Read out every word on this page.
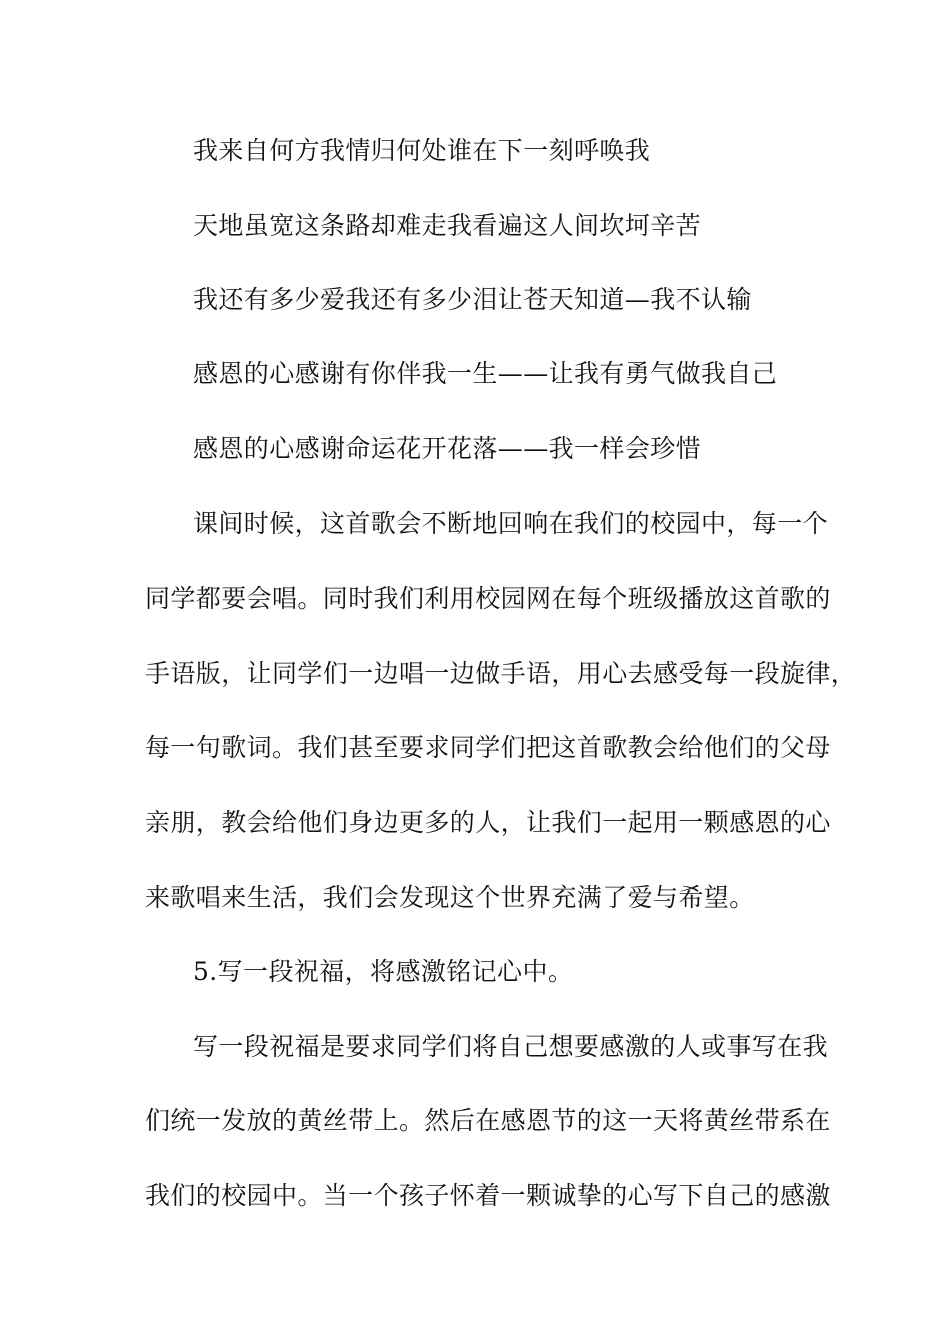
我来自何方我情归何处谁在下一刻呼唤我
天地虽宽这条路却难走我看遍这人间坎坷辛苦
我还有多少爱我还有多少泪让苍天知道—我不认输
感恩的心感谢有你伴我一生——让我有勇气做我自己
感恩的心感谢命运花开花落——我一样会珍惜
课间时候，这首歌会不断地回响在我们的校园中，每一个
同学都要会唱。同时我们利用校园网在每个班级播放这首歌的
手语版，让同学们一边唱一边做手语，用心去感受每一段旋律，
每一句歌词。我们甚至要求同学们把这首歌教会给他们的父母
亲朋，教会给他们身边更多的人，让我们一起用一颗感恩的心
来歌唱来生活，我们会发现这个世界充满了爱与希望。
5.写一段祝福，将感激铭记心中。
写一段祝福是要求同学们将自己想要感激的人或事写在我
们统一发放的黄丝带上。然后在感恩节的这一天将黄丝带系在
我们的校园中。当一个孩子怀着一颗诚挚的心写下自己的感激
